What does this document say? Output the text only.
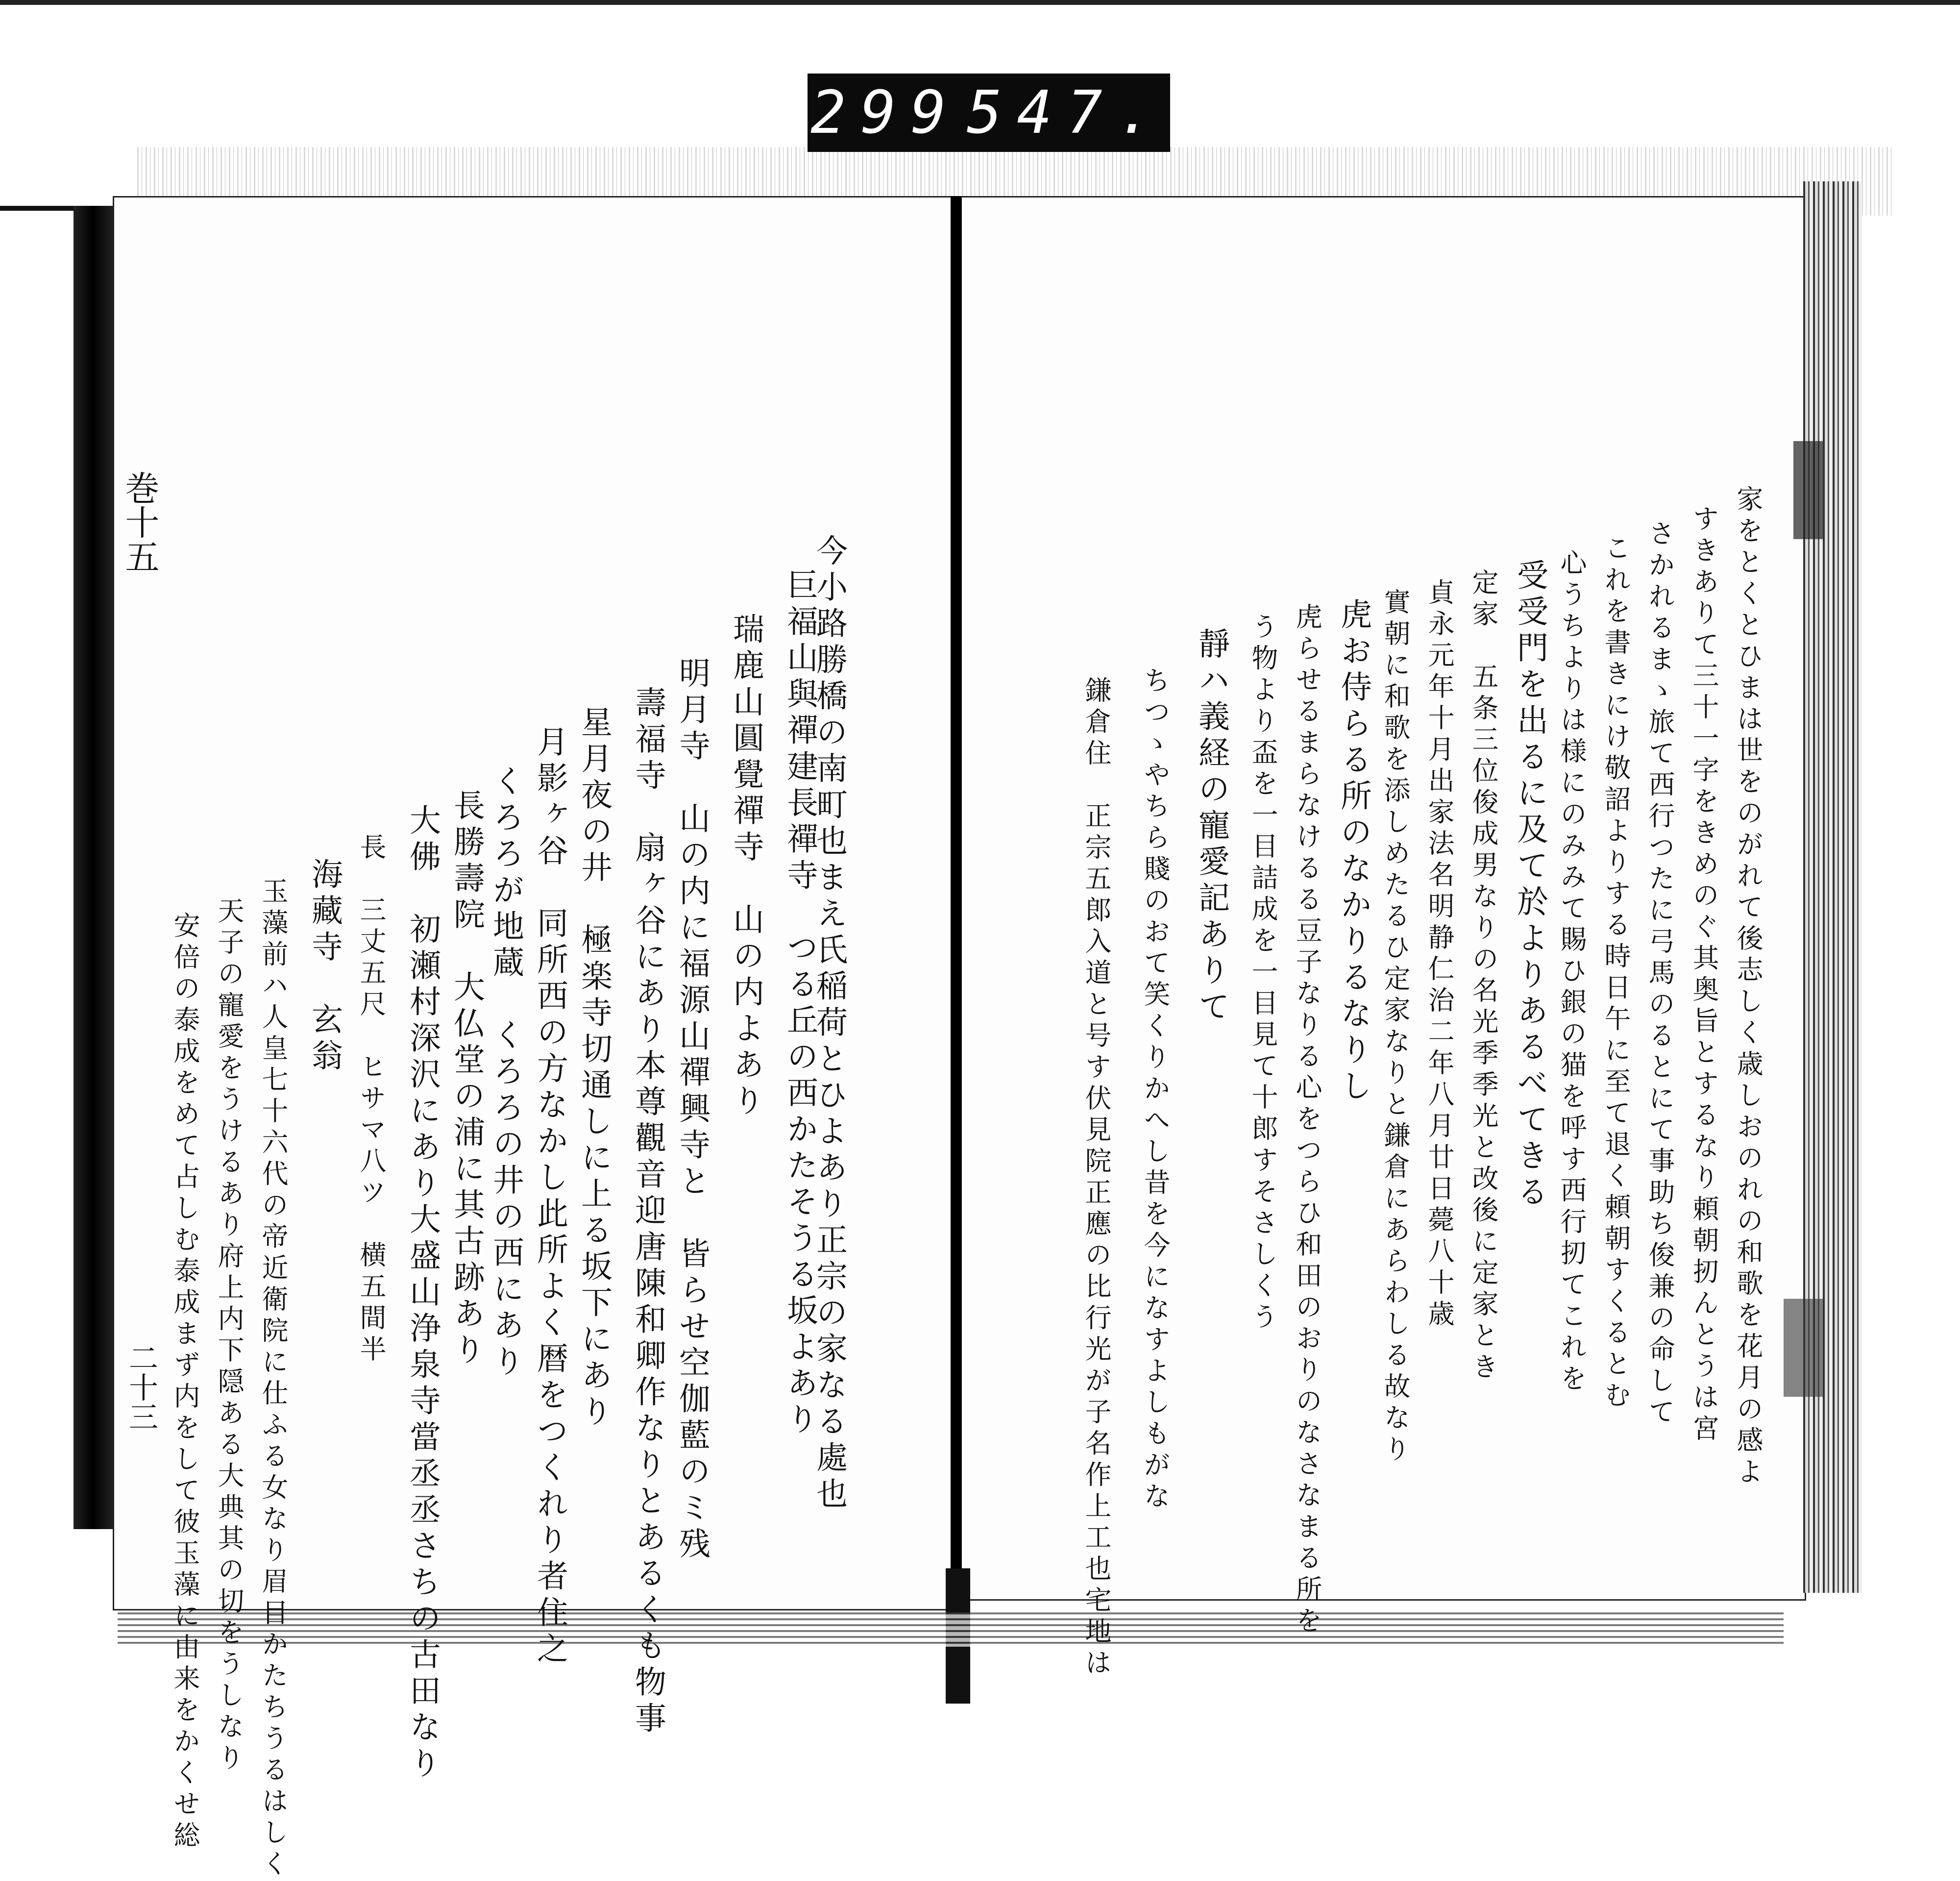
299 547.
巻十五
二十三	今小路勝橋の南町也まえ氏稲荷とひよあり正宗の家なる處也
巨福山與禪建長禪寺　つる丘の西かたそうる坂よあり
瑞鹿山圓覺禪寺　山の内よあり
明月寺　山の内に福源山禪興寺と　皆らせ空伽藍のミ残
壽福寺　扇ヶ谷にあり本尊觀音迎唐陳和卿作なりとあるくも物事
星月夜の井　極楽寺切通しに上る坂下にあり
月影ヶ谷　同所西の方なかし此所よく暦をつくれり者住之
くろろが地蔵　くろろの井の西にあり
長勝壽院　大仏堂の浦に其古跡あり
大佛　初瀬村深沢にあり大盛山浄泉寺當丞丞さちの古田なり
長　三丈五尺　ヒサマ八ツ　横五間半
海藏寺　玄翁
玉藻前ハ人皇七十六代の帝近衛院に仕ふる女なり眉目かたちうるはしく
天子の寵愛をうけるあり府上内下隠ある大典其の切をうしなり
安倍の泰成をめて占しむ泰成まず内をして彼玉藻に由来をかくせ総	家をとくとひまは世をのがれて後志しく歳しおのれの和歌を花月の感よ
すきありて三十一字をきめのぐ其奥旨とするなり頼朝扨んとうは宮
さかれるまゝ旅て西行つたに弓馬のるとにて事助ち俊兼の命して
これを書きにけ敬詔よりする時日午に至て退く頼朝すくるとむ
心うちよりは様にのみみて賜ひ銀の猫を呼す西行扨てこれを
受受門を出るに及て於よりあるべてきる
定家　五条三位俊成男なりの名光季季光と改後に定家とき
貞永元年十月出家法名明静仁治二年八月廿日薨八十歳
實朝に和歌を添しめたるひ定家なりと鎌倉にあらわしる故なり
虎お侍らる所のなかりるなりし
虎らせるまらなけるる豆子なりる心をつらひ和田のおりのなさなまる所を
う物より盃を一目詰成を一目見て十郎すそさしくう
靜ハ義経の寵愛記ありて
ちつゝやちら賤のおて笑くりかへし昔を今になすよしもがな
鎌倉住　正宗五郎入道と号す伏見院正應の比行光が子名作上工也宅地は
